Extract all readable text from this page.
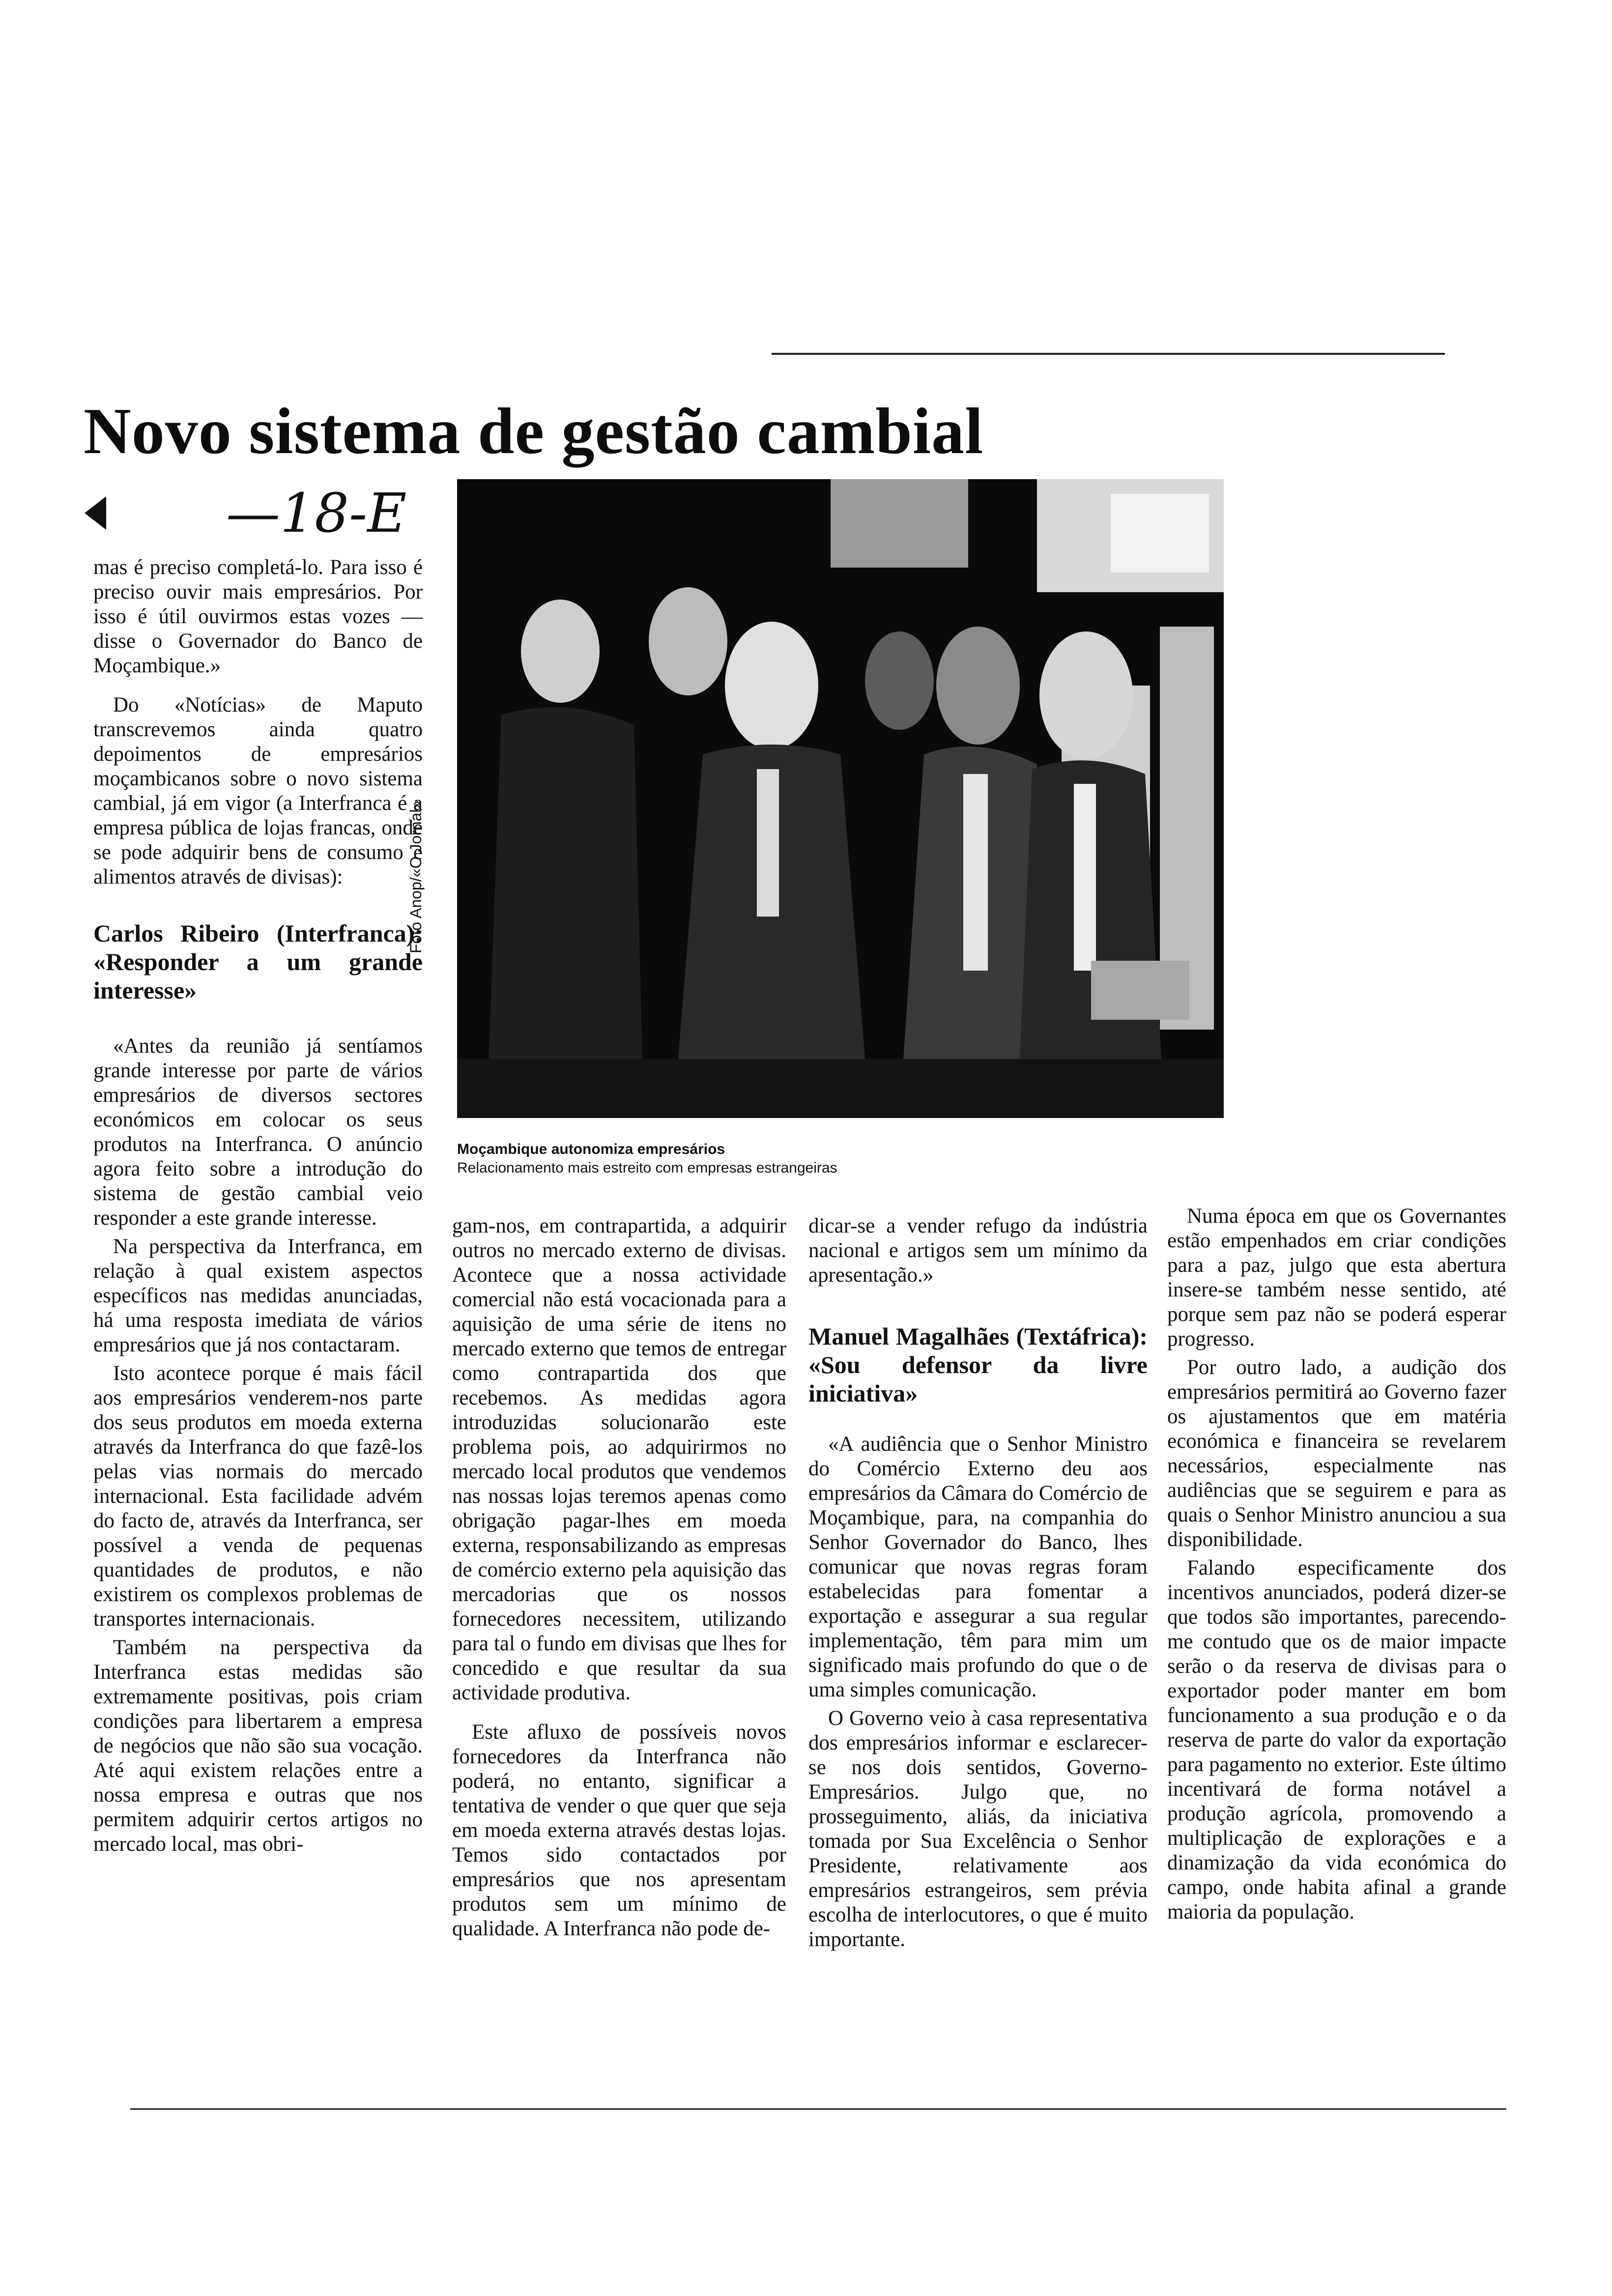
Novo sistema de gestão cambial
—18-E

mas é preciso completá-lo. Para isso é preciso ouvir mais empresários. Por isso é útil ouvirmos estas vozes — disse o Governador do Banco de Moçambique.»

Do «Notícias» de Maputo transcrevemos ainda quatro depoimentos de empresários moçambicanos sobre o novo sistema cambial, já em vigor (a Interfranca é a empresa pública de lojas francas, onde se pode adquirir bens de consumo e alimentos através de divisas):

Carlos Ribeiro (Interfranca): «Responder a um grande interesse»

«Antes da reunião já sentíamos grande interesse por parte de vários empresários de diversos sectores económicos em colocar os seus produtos na Interfranca. O anúncio agora feito sobre a introdução do sistema de gestão cambial veio responder a este grande interesse.

Na perspectiva da Interfranca, em relação à qual existem aspectos específicos nas medidas anunciadas, há uma resposta imediata de vários empresários que já nos contactaram.

Isto acontece porque é mais fácil aos empresários venderem-nos parte dos seus produtos em moeda externa através da Interfranca do que fazê-los pelas vias normais do mercado internacional. Esta facilidade advém do facto de, através da Interfranca, ser possível a venda de pequenas quantidades de produtos, e não existirem os complexos problemas de transportes internacionais.

Também na perspectiva da Interfranca estas medidas são extremamente positivas, pois criam condições para libertarem a empresa de negócios que não são sua vocação. Até aqui existem relações entre a nossa empresa e outras que nos permitem adquirir certos artigos no mercado local, mas obri-

Foto Anop/«O Jornal»
Moçambique autonomiza empresários
Relacionamento mais estreito com empresas estrangeiras

gam-nos, em contrapartida, a adquirir outros no mercado externo de divisas. Acontece que a nossa actividade comercial não está vocacionada para a aquisição de uma série de itens no mercado externo que temos de entregar como contrapartida dos que recebemos. As medidas agora introduzidas solucionarão este problema pois, ao adquirirmos no mercado local produtos que vendemos nas nossas lojas teremos apenas como obrigação pagar-lhes em moeda externa, responsabilizando as empresas de comércio externo pela aquisição das mercadorias que os nossos fornecedores necessitem, utilizando para tal o fundo em divisas que lhes for concedido e que resultar da sua actividade produtiva.

Este afluxo de possíveis novos fornecedores da Interfranca não poderá, no entanto, significar a tentativa de vender o que quer que seja em moeda externa através destas lojas. Temos sido contactados por empresários que nos apresentam produtos sem um mínimo de qualidade. A Interfranca não pode de-

dicar-se a vender refugo da indústria nacional e artigos sem um mínimo da apresentação.»

Manuel Magalhães (Textáfrica): «Sou defensor da livre iniciativa»

«A audiência que o Senhor Ministro do Comércio Externo deu aos empresários da Câmara do Comércio de Moçambique, para, na companhia do Senhor Governador do Banco, lhes comunicar que novas regras foram estabelecidas para fomentar a exportação e assegurar a sua regular implementação, têm para mim um significado mais profundo do que o de uma simples comunicação.

O Governo veio à casa representativa dos empresários informar e esclarecer-se nos dois sentidos, Governo-Empresários. Julgo que, no prosseguimento, aliás, da iniciativa tomada por Sua Excelência o Senhor Presidente, relativamente aos empresários estrangeiros, sem prévia escolha de interlocutores, o que é muito importante.

Numa época em que os Governantes estão empenhados em criar condições para a paz, julgo que esta abertura insere-se também nesse sentido, até porque sem paz não se poderá esperar progresso.

Por outro lado, a audição dos empresários permitirá ao Governo fazer os ajustamentos que em matéria económica e financeira se revelarem necessários, especialmente nas audiências que se seguirem e para as quais o Senhor Ministro anunciou a sua disponibilidade.

Falando especificamente dos incentivos anunciados, poderá dizer-se que todos são importantes, parecendo-me contudo que os de maior impacte serão o da reserva de divisas para o exportador poder manter em bom funcionamento a sua produção e o da reserva de parte do valor da exportação para pagamento no exterior. Este último incentivará de forma notável a produção agrícola, promovendo a multiplicação de explorações e a dinamização da vida económica do campo, onde habita afinal a grande maioria da população.
